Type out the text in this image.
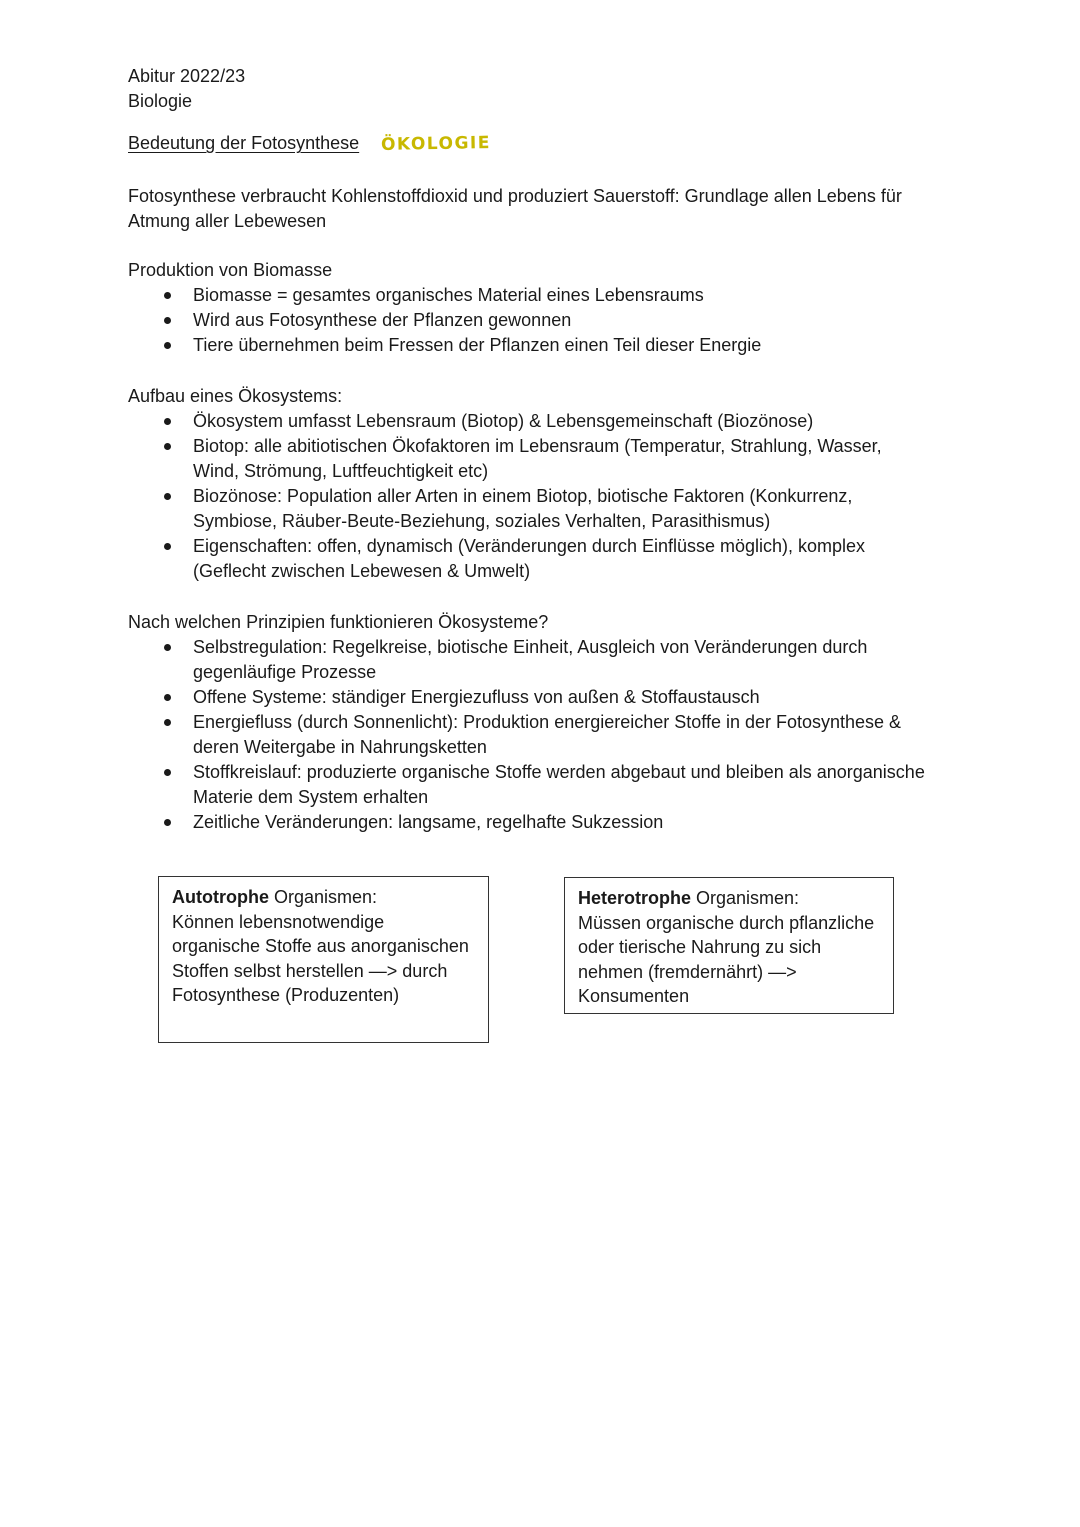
Abitur 2022/23
Biologie
Bedeutung der Fotosynthese ÖKOLOGIE
Fotosynthese verbraucht Kohlenstoffdioxid und produziert Sauerstoff: Grundlage allen Lebens für
Atmung aller Lebewesen
Produktion von Biomasse
Biomasse = gesamtes organisches Material eines Lebensraums
Wird aus Fotosynthese der Pflanzen gewonnen
Tiere übernehmen beim Fressen der Pflanzen einen Teil dieser Energie
Aufbau eines Ökosystems:
Ökosystem umfasst Lebensraum (Biotop) & Lebensgemeinschaft (Biozönose)
Biotop: alle abitiotischen Ökofaktoren im Lebensraum (Temperatur, Strahlung, Wasser,
Wind, Strömung, Luftfeuchtigkeit etc)
Biozönose: Population aller Arten in einem Biotop, biotische Faktoren (Konkurrenz,
Symbiose, Räuber-Beute-Beziehung, soziales Verhalten, Parasithismus)
Eigenschaften: offen, dynamisch (Veränderungen durch Einflüsse möglich), komplex
(Geflecht zwischen Lebewesen & Umwelt)
Nach welchen Prinzipien funktionieren Ökosysteme?
Selbstregulation: Regelkreise, biotische Einheit, Ausgleich von Veränderungen durch
gegenläufige Prozesse
Offene Systeme: ständiger Energiezufluss von außen & Stoffaustausch
Energiefluss (durch Sonnenlicht): Produktion energiereicher Stoffe in der Fotosynthese &
deren Weitergabe in Nahrungsketten
Stoffkreislauf: produzierte organische Stoffe werden abgebaut und bleiben als anorganische
Materie dem System erhalten
Zeitliche Veränderungen: langsame, regelhafte Sukzession
Autotrophe Organismen:
Können lebensnotwendige
organische Stoffe aus anorganischen
Stoffen selbst herstellen —> durch
Fotosynthese (Produzenten)
Heterotrophe Organismen:
Müssen organische durch pflanzliche
oder tierische Nahrung zu sich
nehmen (fremdernährt) —>
Konsumenten
